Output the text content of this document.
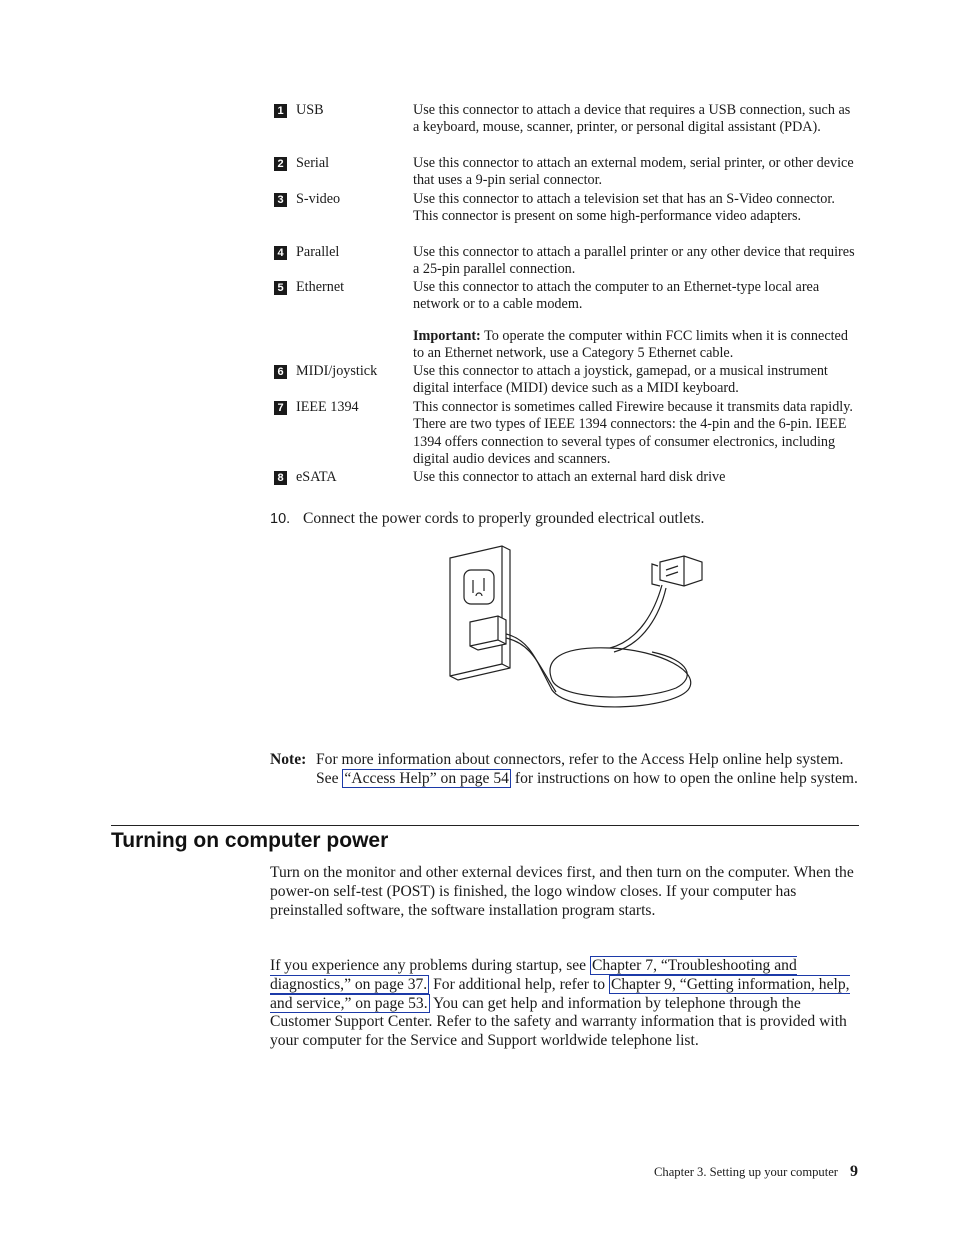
1 USB	Use this connector to attach a device that requires a USB connection, such as a keyboard, mouse, scanner, printer, or personal digital assistant (PDA).

2 Serial	Use this connector to attach an external modem, serial printer, or other device that uses a 9-pin serial connector.

3 S-video	Use this connector to attach a television set that has an S-Video connector. This connector is present on some high-performance video adapters.

4 Parallel	Use this connector to attach a parallel printer or any other device that requires a 25-pin parallel connection.

5 Ethernet	Use this connector to attach the computer to an Ethernet-type local area network or to a cable modem.

Important: To operate the computer within FCC limits when it is connected to an Ethernet network, use a Category 5 Ethernet cable.

6 MIDI/joystick	Use this connector to attach a joystick, gamepad, or a musical instrument digital interface (MIDI) device such as a MIDI keyboard.

7 IEEE 1394	This connector is sometimes called Firewire because it transmits data rapidly. There are two types of IEEE 1394 connectors: the 4-pin and the 6-pin. IEEE 1394 offers connection to several types of consumer electronics, including digital audio devices and scanners.

8 eSATA	Use this connector to attach an external hard disk drive

10. Connect the power cords to properly grounded electrical outlets.
Note: For more information about connectors, refer to the Access Help online help system. See “Access Help” on page 54 for instructions on how to open the online help system.
Turning on computer power

Turn on the monitor and other external devices first, and then turn on the computer. When the power-on self-test (POST) is finished, the logo window closes. If your computer has preinstalled software, the software installation program starts.

If you experience any problems during startup, see Chapter 7, “Troubleshooting and diagnostics,” on page 37. For additional help, refer to Chapter 9, “Getting information, help, and service,” on page 53. You can get help and information by telephone through the Customer Support Center. Refer to the safety and warranty information that is provided with your computer for the Service and Support worldwide telephone list.

Chapter 3. Setting up your computer 9
